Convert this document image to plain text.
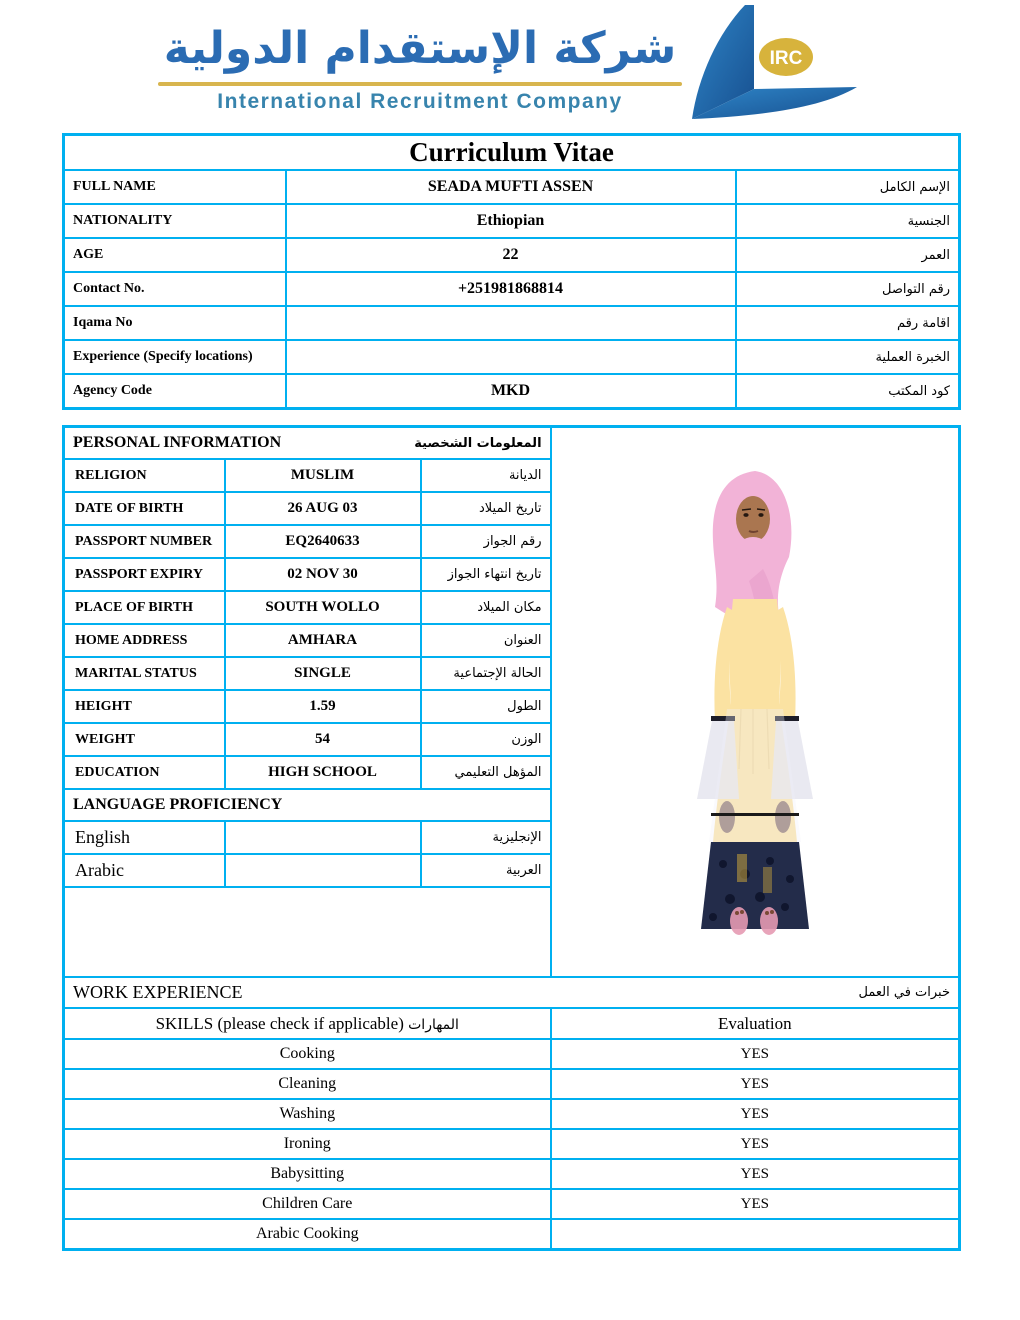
شركة الإستقدام الدولية
International Recruitment Company
IRC
Curriculum Vitae		
FULL NAME	SEADA MUFTI ASSEN	الإسم الكامل
NATIONALITY	Ethiopian	الجنسية
AGE	22	العمر
Contact No.	+251981868814	رقم التواصل
Iqama No		اقامة رقم
Experience (Specify locations)		الخبرة العملية
Agency Code	MKD	كود المكتب
PERSONAL INFORMATION المعلومات الشخصية

RELIGION	MUSLIM	الديانة	
DATE OF BIRTH	26 AUG 03	تاريخ الميلاد	
PASSPORT NUMBER	EQ2640633	رقم الجواز	
PASSPORT EXPIRY	02 NOV 30	تاريخ انتهاء الجواز	
PLACE OF BIRTH	SOUTH WOLLO	مكان الميلاد	
HOME ADDRESS	AMHARA	العنوان	
MARITAL STATUS	SINGLE	الحالة الإجتماعية	
HEIGHT	1.59	الطول	
WEIGHT	54	الوزن	
EDUCATION	HIGH SCHOOL	المؤهل التعليمي	
LANGUAGE PROFICIENCY			
English		الإنجليزية	
Arabic		العربية	

WORK EXPERIENCE خبرات في العمل			

SKILLS (please check if applicable) المهارات			Evaluation
Cooking			YES
Cleaning			YES
Washing			YES
Ironing			YES
Babysitting			YES
Children Care			YES
Arabic Cooking			
